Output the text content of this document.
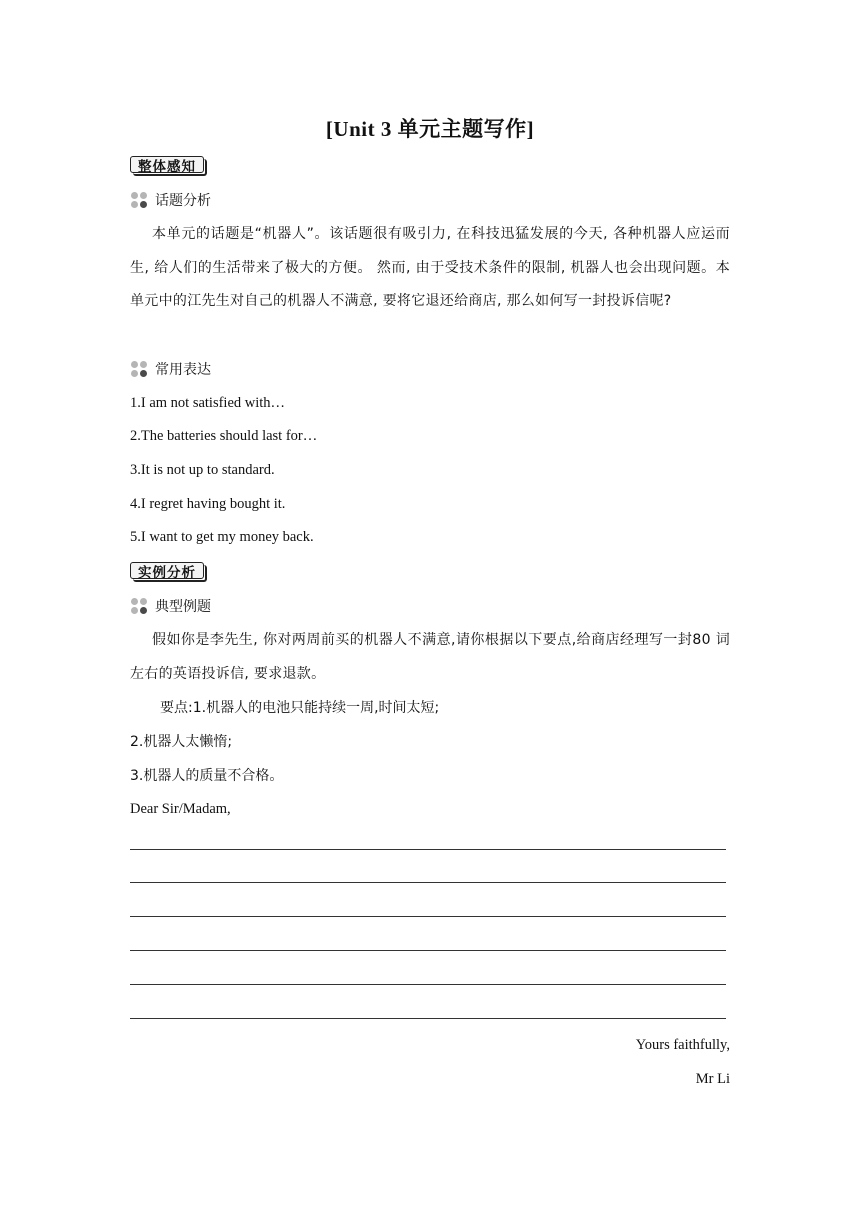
[Unit 3 单元主题写作]
整体感知
话题分析
本单元的话题是“机器人”。该话题很有吸引力, 在科技迅猛发展的今天, 各种机器人应运而生, 给人们的生活带来了极大的方便。 然而, 由于受技术条件的限制, 机器人也会出现问题。本单元中的江先生对自己的机器人不满意, 要将它退还给商店, 那么如何写一封投诉信呢?
常用表达
1.I am not satisfied with…
2.The batteries should last for…
3.It is not up to standard.
4.I regret having bought it.
5.I want to get my money back.
实例分析
典型例题
假如你是李先生, 你对两周前买的机器人不满意,请你根据以下要点,给商店经理写一封80 词左右的英语投诉信, 要求退款。
要点:1.机器人的电池只能持续一周,时间太短;
2.机器人太懒惰;
3.机器人的质量不合格。
Dear Sir/Madam,
Yours faithfully,
Mr Li
